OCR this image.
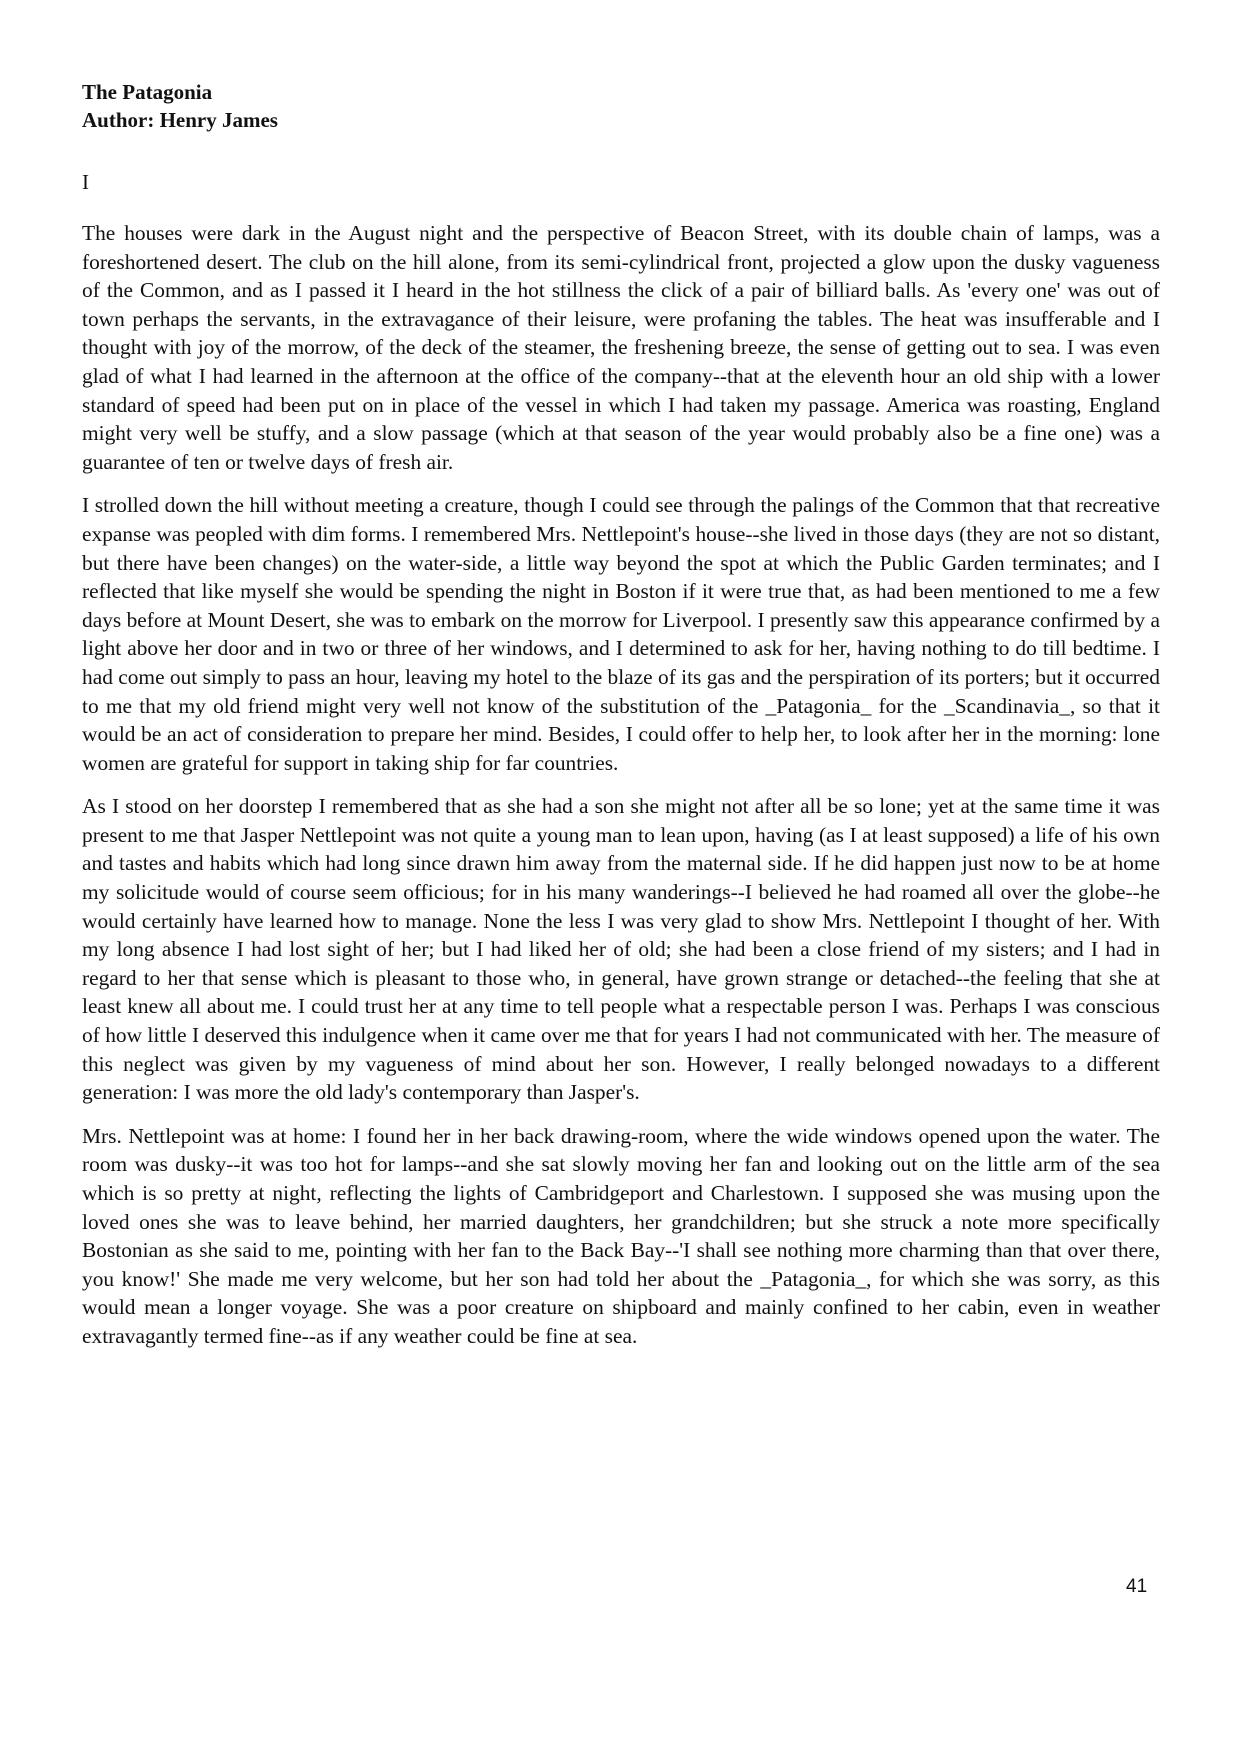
The Patagonia
Author: Henry James
I

The houses were dark in the August night and the perspective of Beacon Street, with its double chain of lamps, was a foreshortened desert. The club on the hill alone, from its semi-cylindrical front, projected a glow upon the dusky vagueness of the Common, and as I passed it I heard in the hot stillness the click of a pair of billiard balls. As 'every one' was out of town perhaps the servants, in the extravagance of their leisure, were profaning the tables. The heat was insufferable and I thought with joy of the morrow, of the deck of the steamer, the freshening breeze, the sense of getting out to sea. I was even glad of what I had learned in the afternoon at the office of the company--that at the eleventh hour an old ship with a lower standard of speed had been put on in place of the vessel in which I had taken my passage. America was roasting, England might very well be stuffy, and a slow passage (which at that season of the year would probably also be a fine one) was a guarantee of ten or twelve days of fresh air.

I strolled down the hill without meeting a creature, though I could see through the palings of the Common that that recreative expanse was peopled with dim forms. I remembered Mrs. Nettlepoint's house--she lived in those days (they are not so distant, but there have been changes) on the water-side, a little way beyond the spot at which the Public Garden terminates; and I reflected that like myself she would be spending the night in Boston if it were true that, as had been mentioned to me a few days before at Mount Desert, she was to embark on the morrow for Liverpool. I presently saw this appearance confirmed by a light above her door and in two or three of her windows, and I determined to ask for her, having nothing to do till bedtime. I had come out simply to pass an hour, leaving my hotel to the blaze of its gas and the perspiration of its porters; but it occurred to me that my old friend might very well not know of the substitution of the _Patagonia_ for the _Scandinavia_, so that it would be an act of consideration to prepare her mind. Besides, I could offer to help her, to look after her in the morning: lone women are grateful for support in taking ship for far countries.

As I stood on her doorstep I remembered that as she had a son she might not after all be so lone; yet at the same time it was present to me that Jasper Nettlepoint was not quite a young man to lean upon, having (as I at least supposed) a life of his own and tastes and habits which had long since drawn him away from the maternal side. If he did happen just now to be at home my solicitude would of course seem officious; for in his many wanderings--I believed he had roamed all over the globe--he would certainly have learned how to manage. None the less I was very glad to show Mrs. Nettlepoint I thought of her. With my long absence I had lost sight of her; but I had liked her of old; she had been a close friend of my sisters; and I had in regard to her that sense which is pleasant to those who, in general, have grown strange or detached--the feeling that she at least knew all about me. I could trust her at any time to tell people what a respectable person I was. Perhaps I was conscious of how little I deserved this indulgence when it came over me that for years I had not communicated with her. The measure of this neglect was given by my vagueness of mind about her son. However, I really belonged nowadays to a different generation: I was more the old lady's contemporary than Jasper's.

Mrs. Nettlepoint was at home: I found her in her back drawing-room, where the wide windows opened upon the water. The room was dusky--it was too hot for lamps--and she sat slowly moving her fan and looking out on the little arm of the sea which is so pretty at night, reflecting the lights of Cambridgeport and Charlestown. I supposed she was musing upon the loved ones she was to leave behind, her married daughters, her grandchildren; but she struck a note more specifically Bostonian as she said to me, pointing with her fan to the Back Bay--'I shall see nothing more charming than that over there, you know!' She made me very welcome, but her son had told her about the _Patagonia_, for which she was sorry, as this would mean a longer voyage. She was a poor creature on shipboard and mainly confined to her cabin, even in weather extravagantly termed fine--as if any weather could be fine at sea.

41
